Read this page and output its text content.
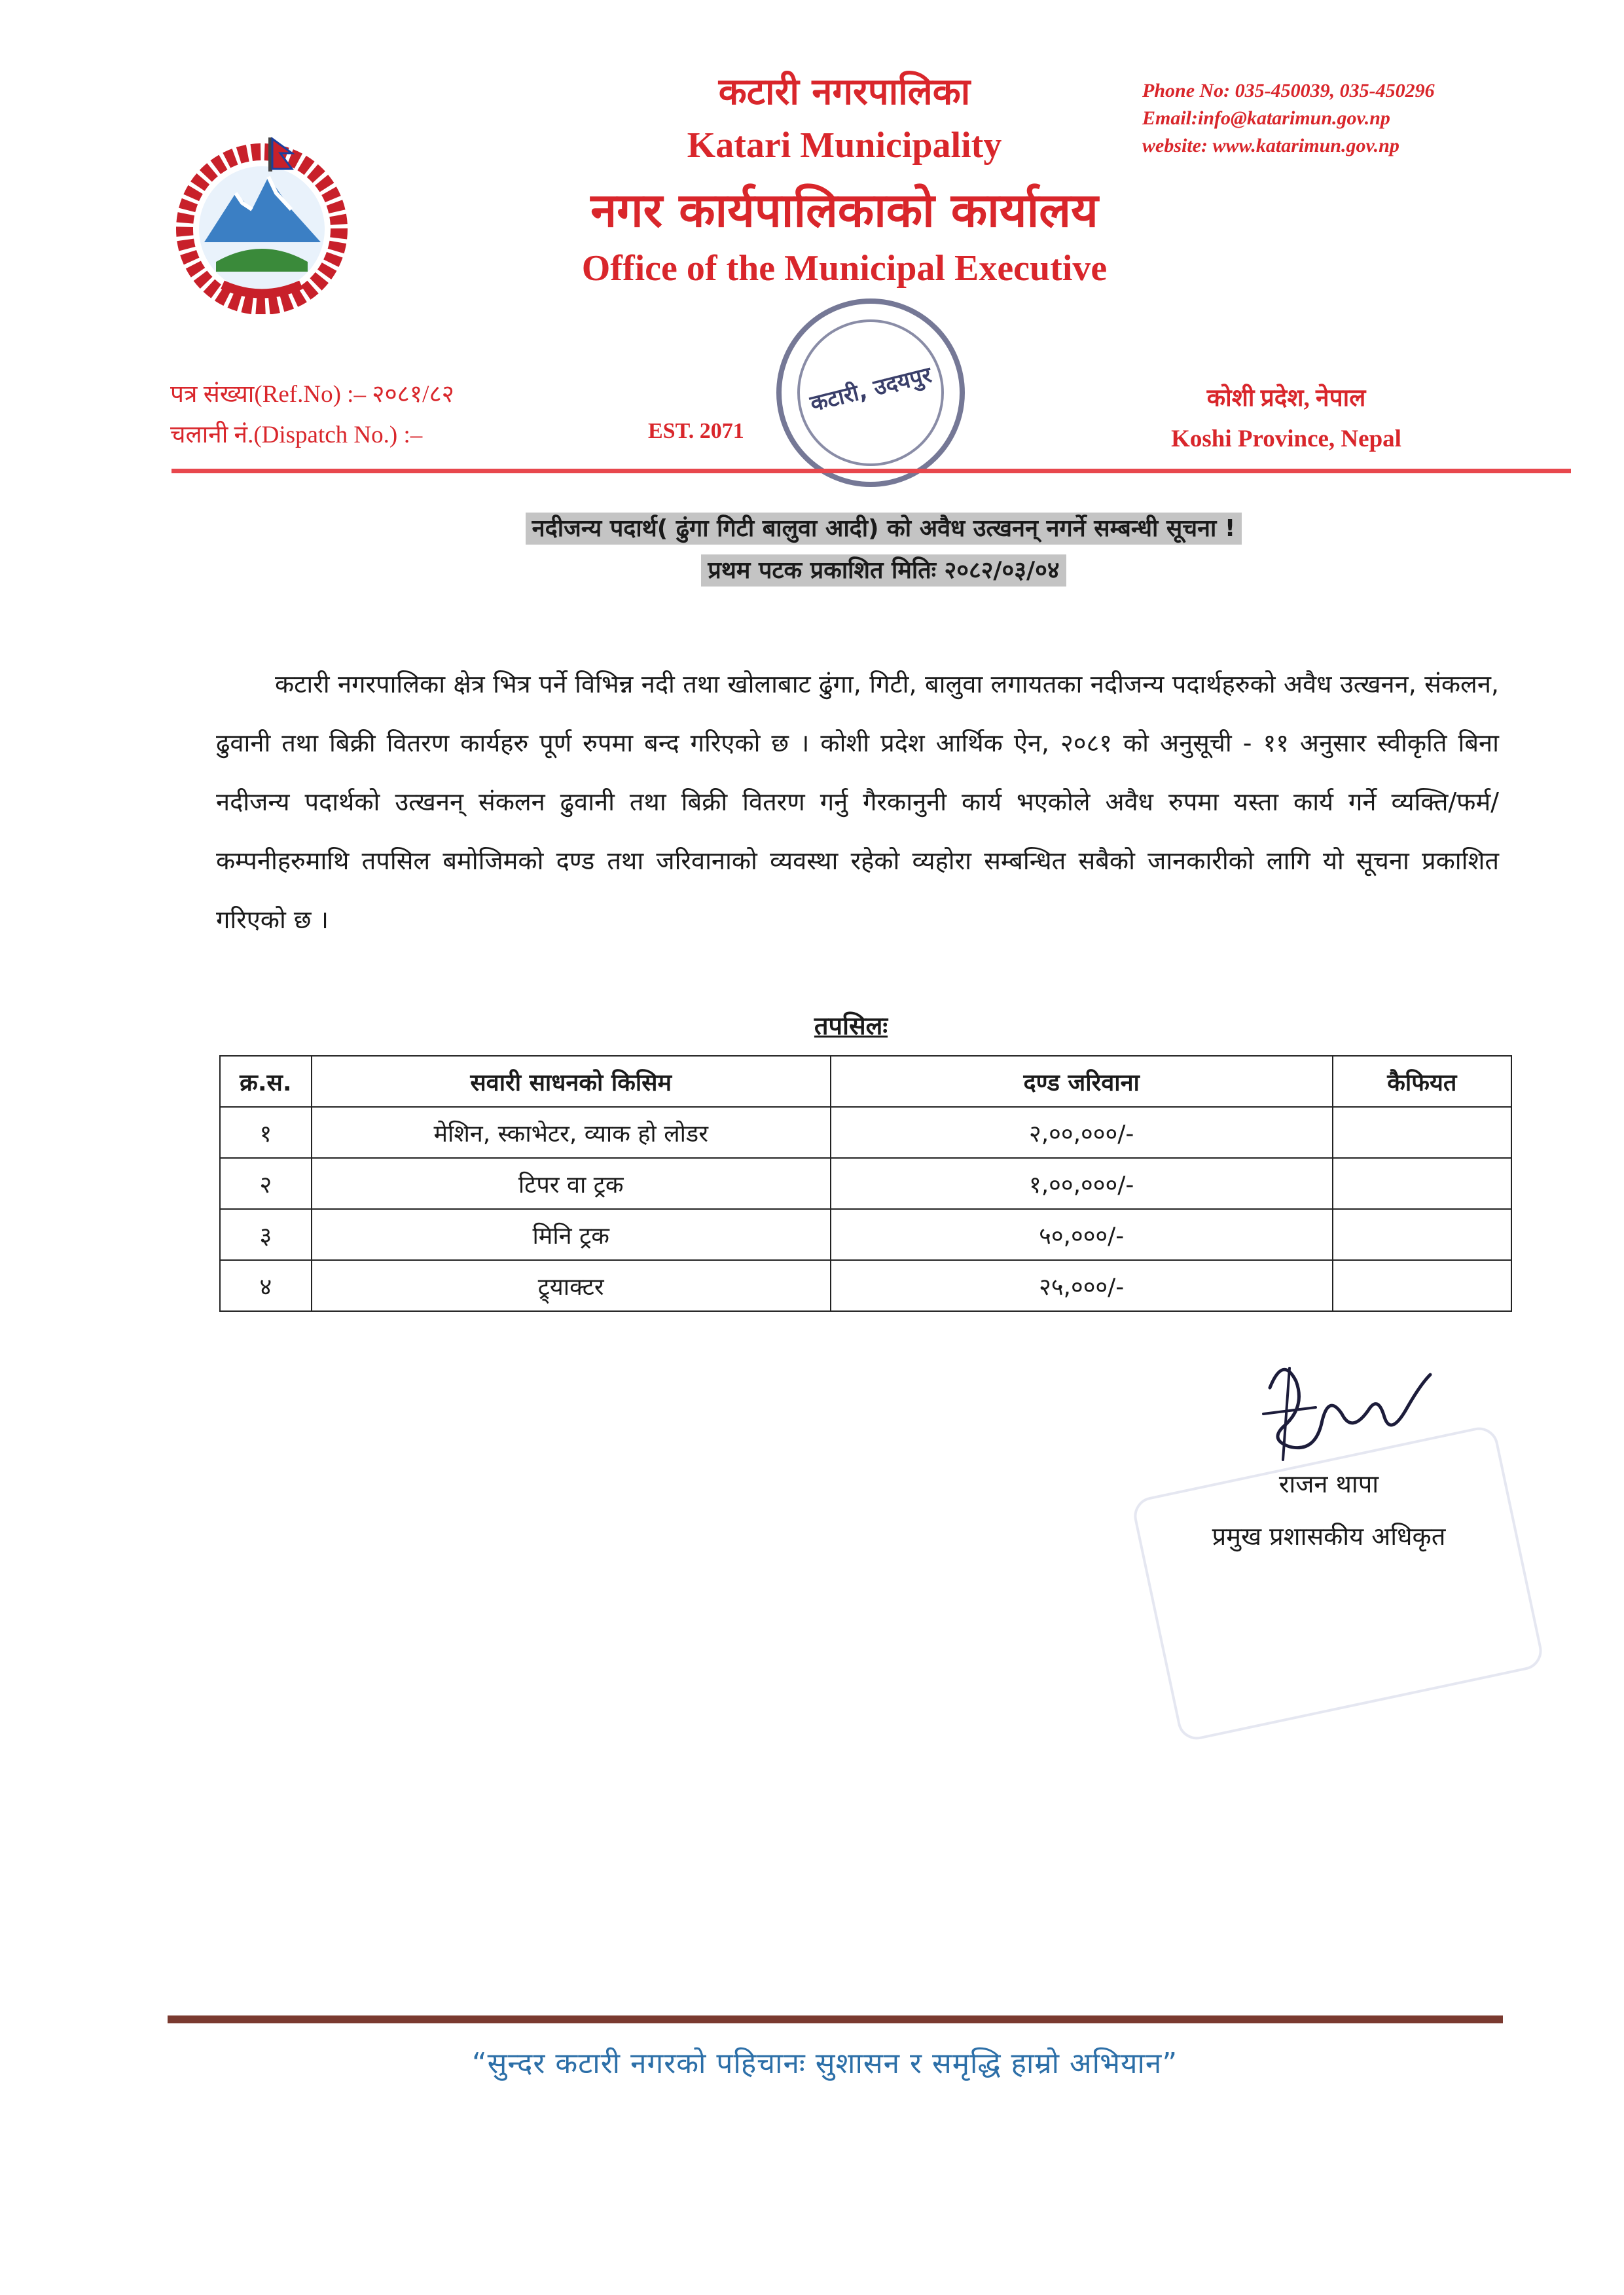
कटारी नगरपालिका
Katari Municipality
नगर कार्यपालिकाको कार्यालय
Office of the Municipal Executive
Phone No: 035-450039, 035-450296
Email:info@katarimun.gov.np
website: www.katarimun.gov.np
पत्र संख्या(Ref.No) :– २०८१/८२
चलानी नं.(Dispatch No.) :–	EST. 2071
कटारी, उदयपुर	कोशी प्रदेश, नेपाल
Koshi Province, Nepal
नदीजन्य पदार्थ( ढुंगा गिटी बालुवा आदी) को अवैध उत्खनन् नगर्ने सम्बन्धी सूचना !
प्रथम पटक प्रकाशित मितिः २०८२/०३/०४
कटारी नगरपालिका क्षेत्र भित्र पर्ने विभिन्न नदी तथा खोलाबाट ढुंगा, गिटी, बालुवा लगायतका नदीजन्य पदार्थहरुको अवैध उत्खनन, संकलन, ढुवानी तथा बिक्री वितरण कार्यहरु पूर्ण रुपमा बन्द गरिएको छ । कोशी प्रदेश आर्थिक ऐन, २०८१ को अनुसूची - ११ अनुसार स्वीकृति बिना नदीजन्य पदार्थको उत्खनन् संकलन ढुवानी तथा बिक्री वितरण गर्नु गैरकानुनी कार्य भएकोले अवैध रुपमा यस्ता कार्य गर्ने व्यक्ति/फर्म/कम्पनीहरुमाथि तपसिल बमोजिमको दण्ड तथा जरिवानाको व्यवस्था रहेको व्यहोरा सम्बन्धित सबैको जानकारीको लागि यो सूचना प्रकाशित गरिएको छ ।
तपसिलः
क्र.स.	सवारी साधनको किसिम	दण्ड जरिवाना	कैफियत
१	मेशिन, स्काभेटर, व्याक हो लोडर	२,००,०००/-	
२	टिपर वा ट्रक	१,००,०००/-	
३	मिनि ट्रक	५०,०००/-	
४	ट्र्याक्टर	२५,०००/-	
राजन थापा
प्रमुख प्रशासकीय अधिकृत
“सुन्दर कटारी नगरको पहिचानः सुशासन र समृद्धि हाम्रो अभियान”
